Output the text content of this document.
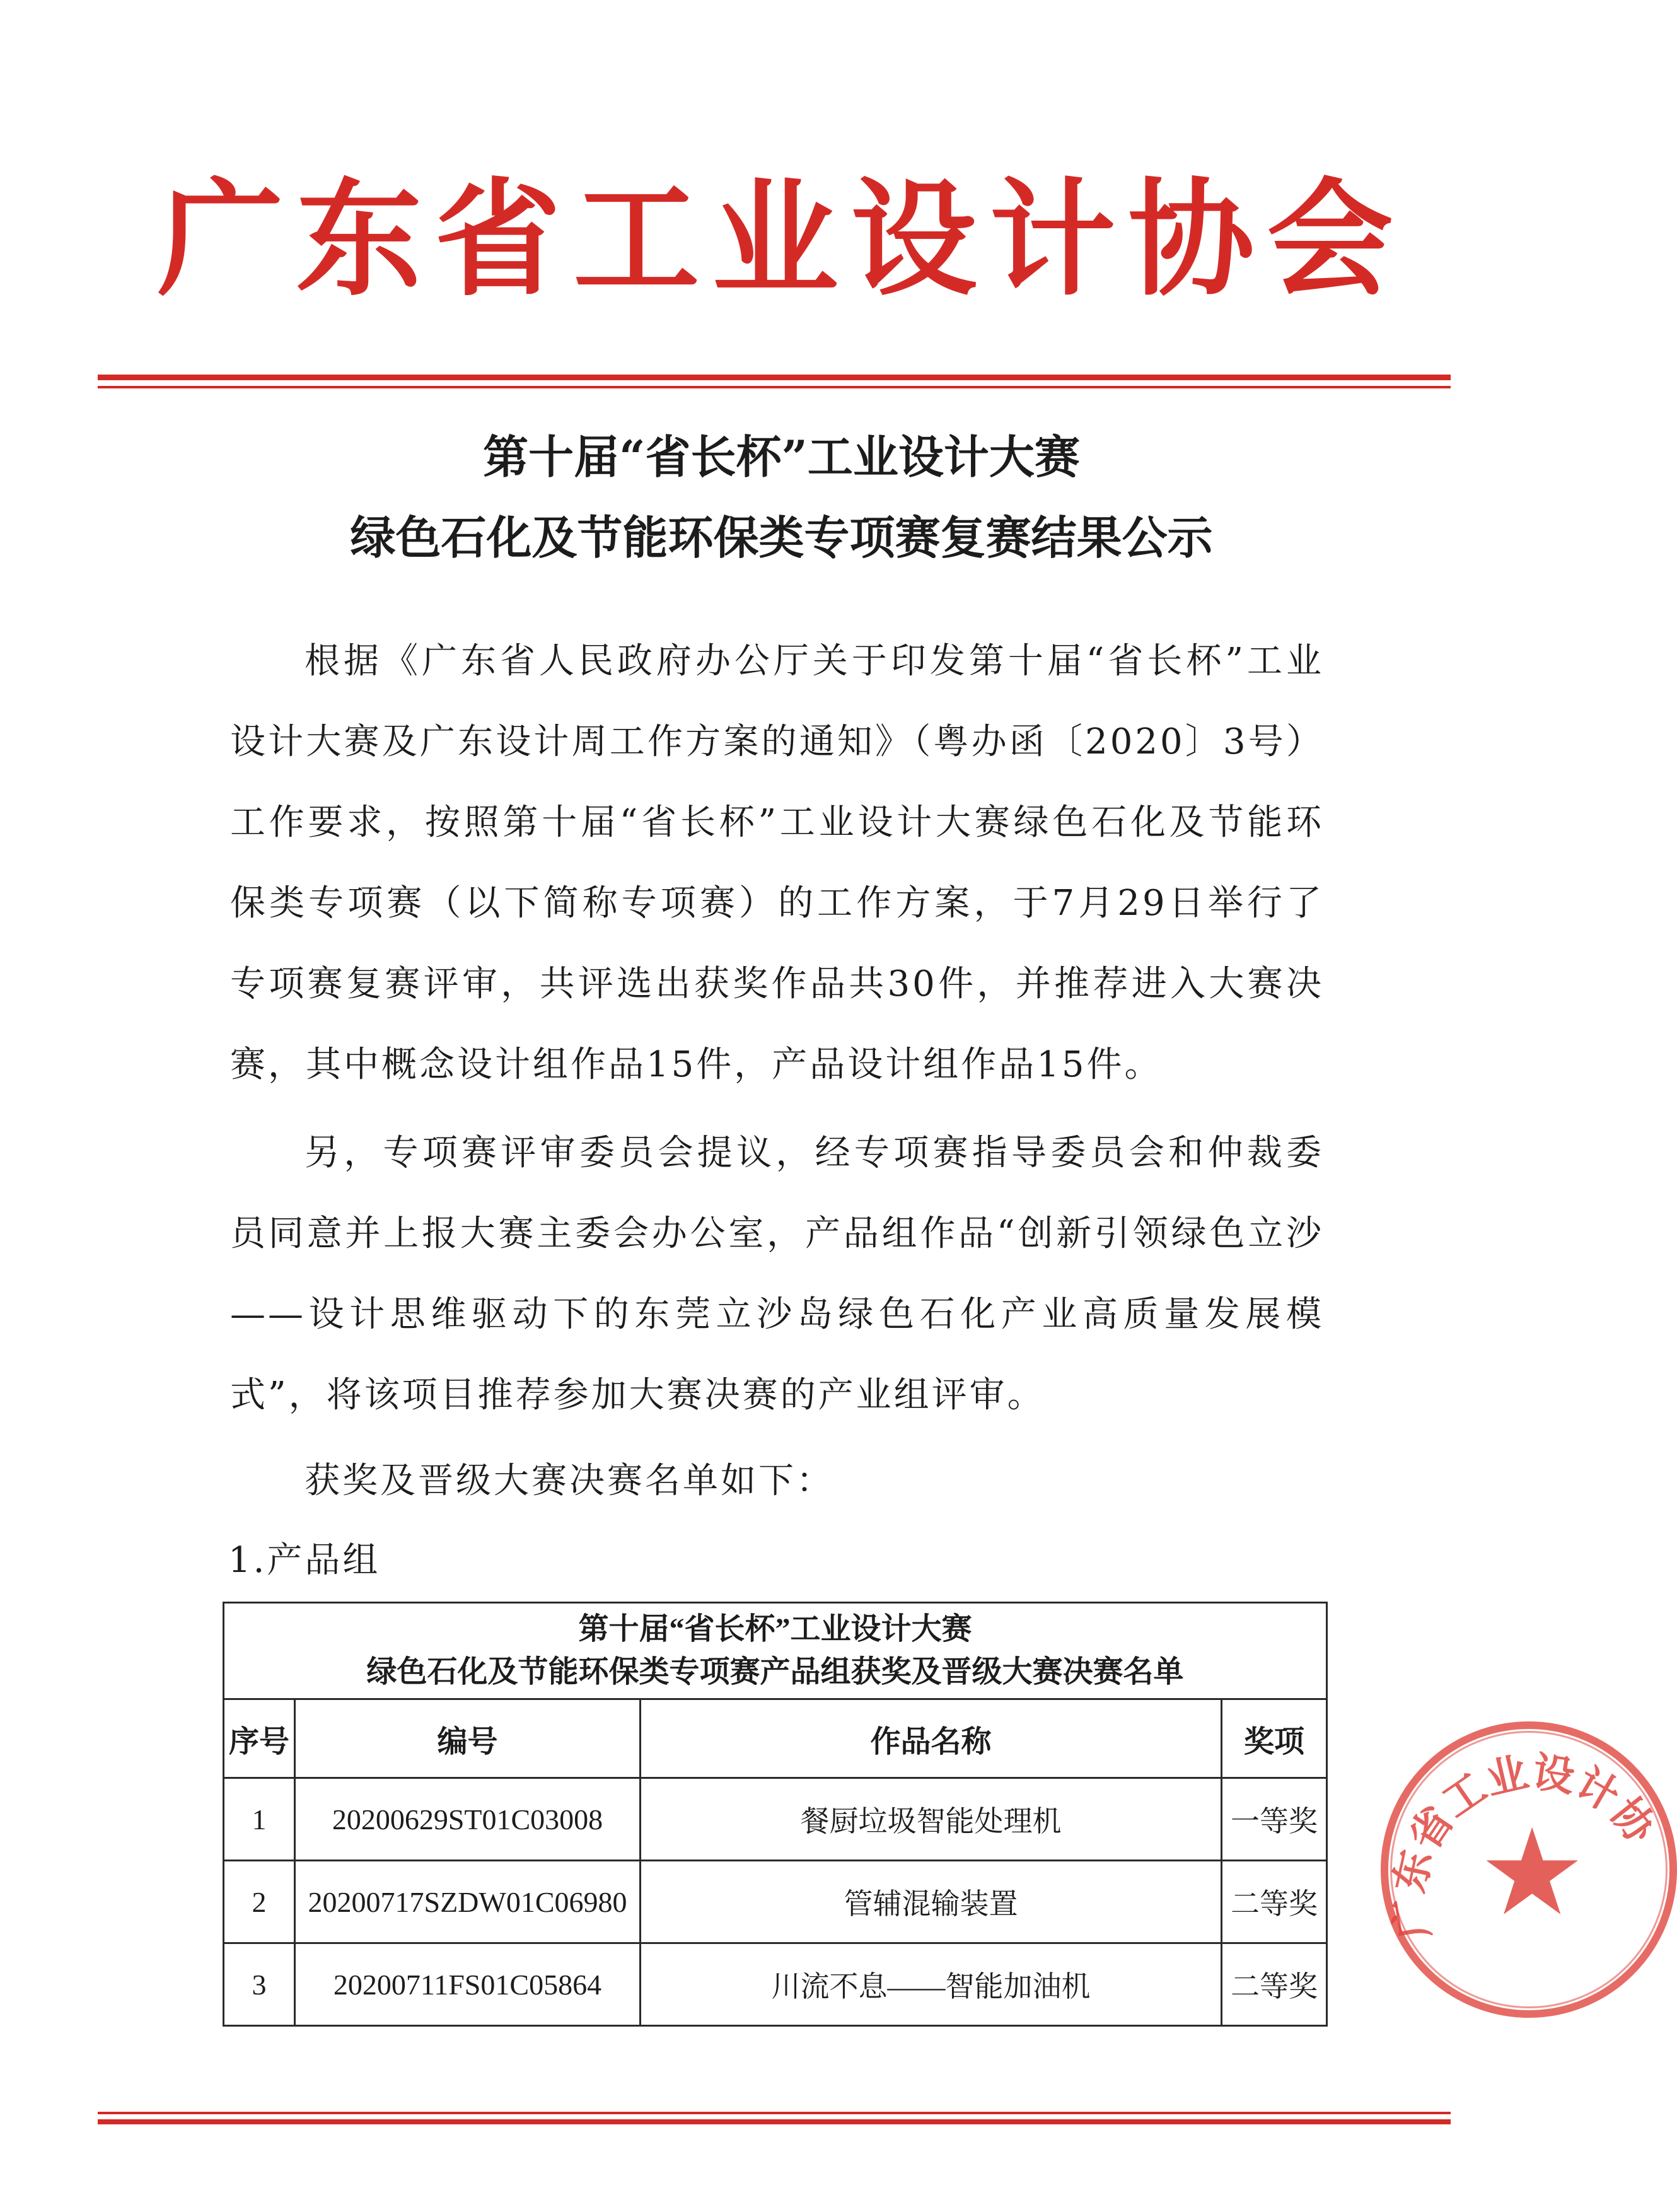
广东省工业设计协会
第十届“省长杯”工业设计大赛
绿色石化及节能环保类专项赛复赛结果公示

根据《广东省人民政府办公厅关于印发第十届“省长杯”工业设计大赛及广东设计周工作方案的通知》（粤办函〔2020〕3号）工作要求，按照第十届“省长杯”工业设计大赛绿色石化及节能环保类专项赛（以下简称专项赛）的工作方案，于7月29日举行了专项赛复赛评审，共评选出获奖作品共30件，并推荐进入大赛决赛，其中概念设计组作品15件，产品设计组作品15件。

另，专项赛评审委员会提议，经专项赛指导委员会和仲裁委员同意并上报大赛主委会办公室，产品组作品“创新引领绿色立沙——设计思维驱动下的东莞立沙岛绿色石化产业高质量发展模式”，将该项目推荐参加大赛决赛的产业组评审。

获奖及晋级大赛决赛名单如下：

1.产品组
第十届“省长杯”工业设计大赛
绿色石化及节能环保类专项赛产品组获奖及晋级大赛决赛名单			

序号	编号	作品名称	奖项
1	20200629ST01C03008	餐厨垃圾智能处理机	一等奖
2	20200717SZDW01C06980	管辅混输装置	二等奖
3	20200711FS01C05864	川流不息——智能加油机	二等奖
广东省工业设计协会
★
